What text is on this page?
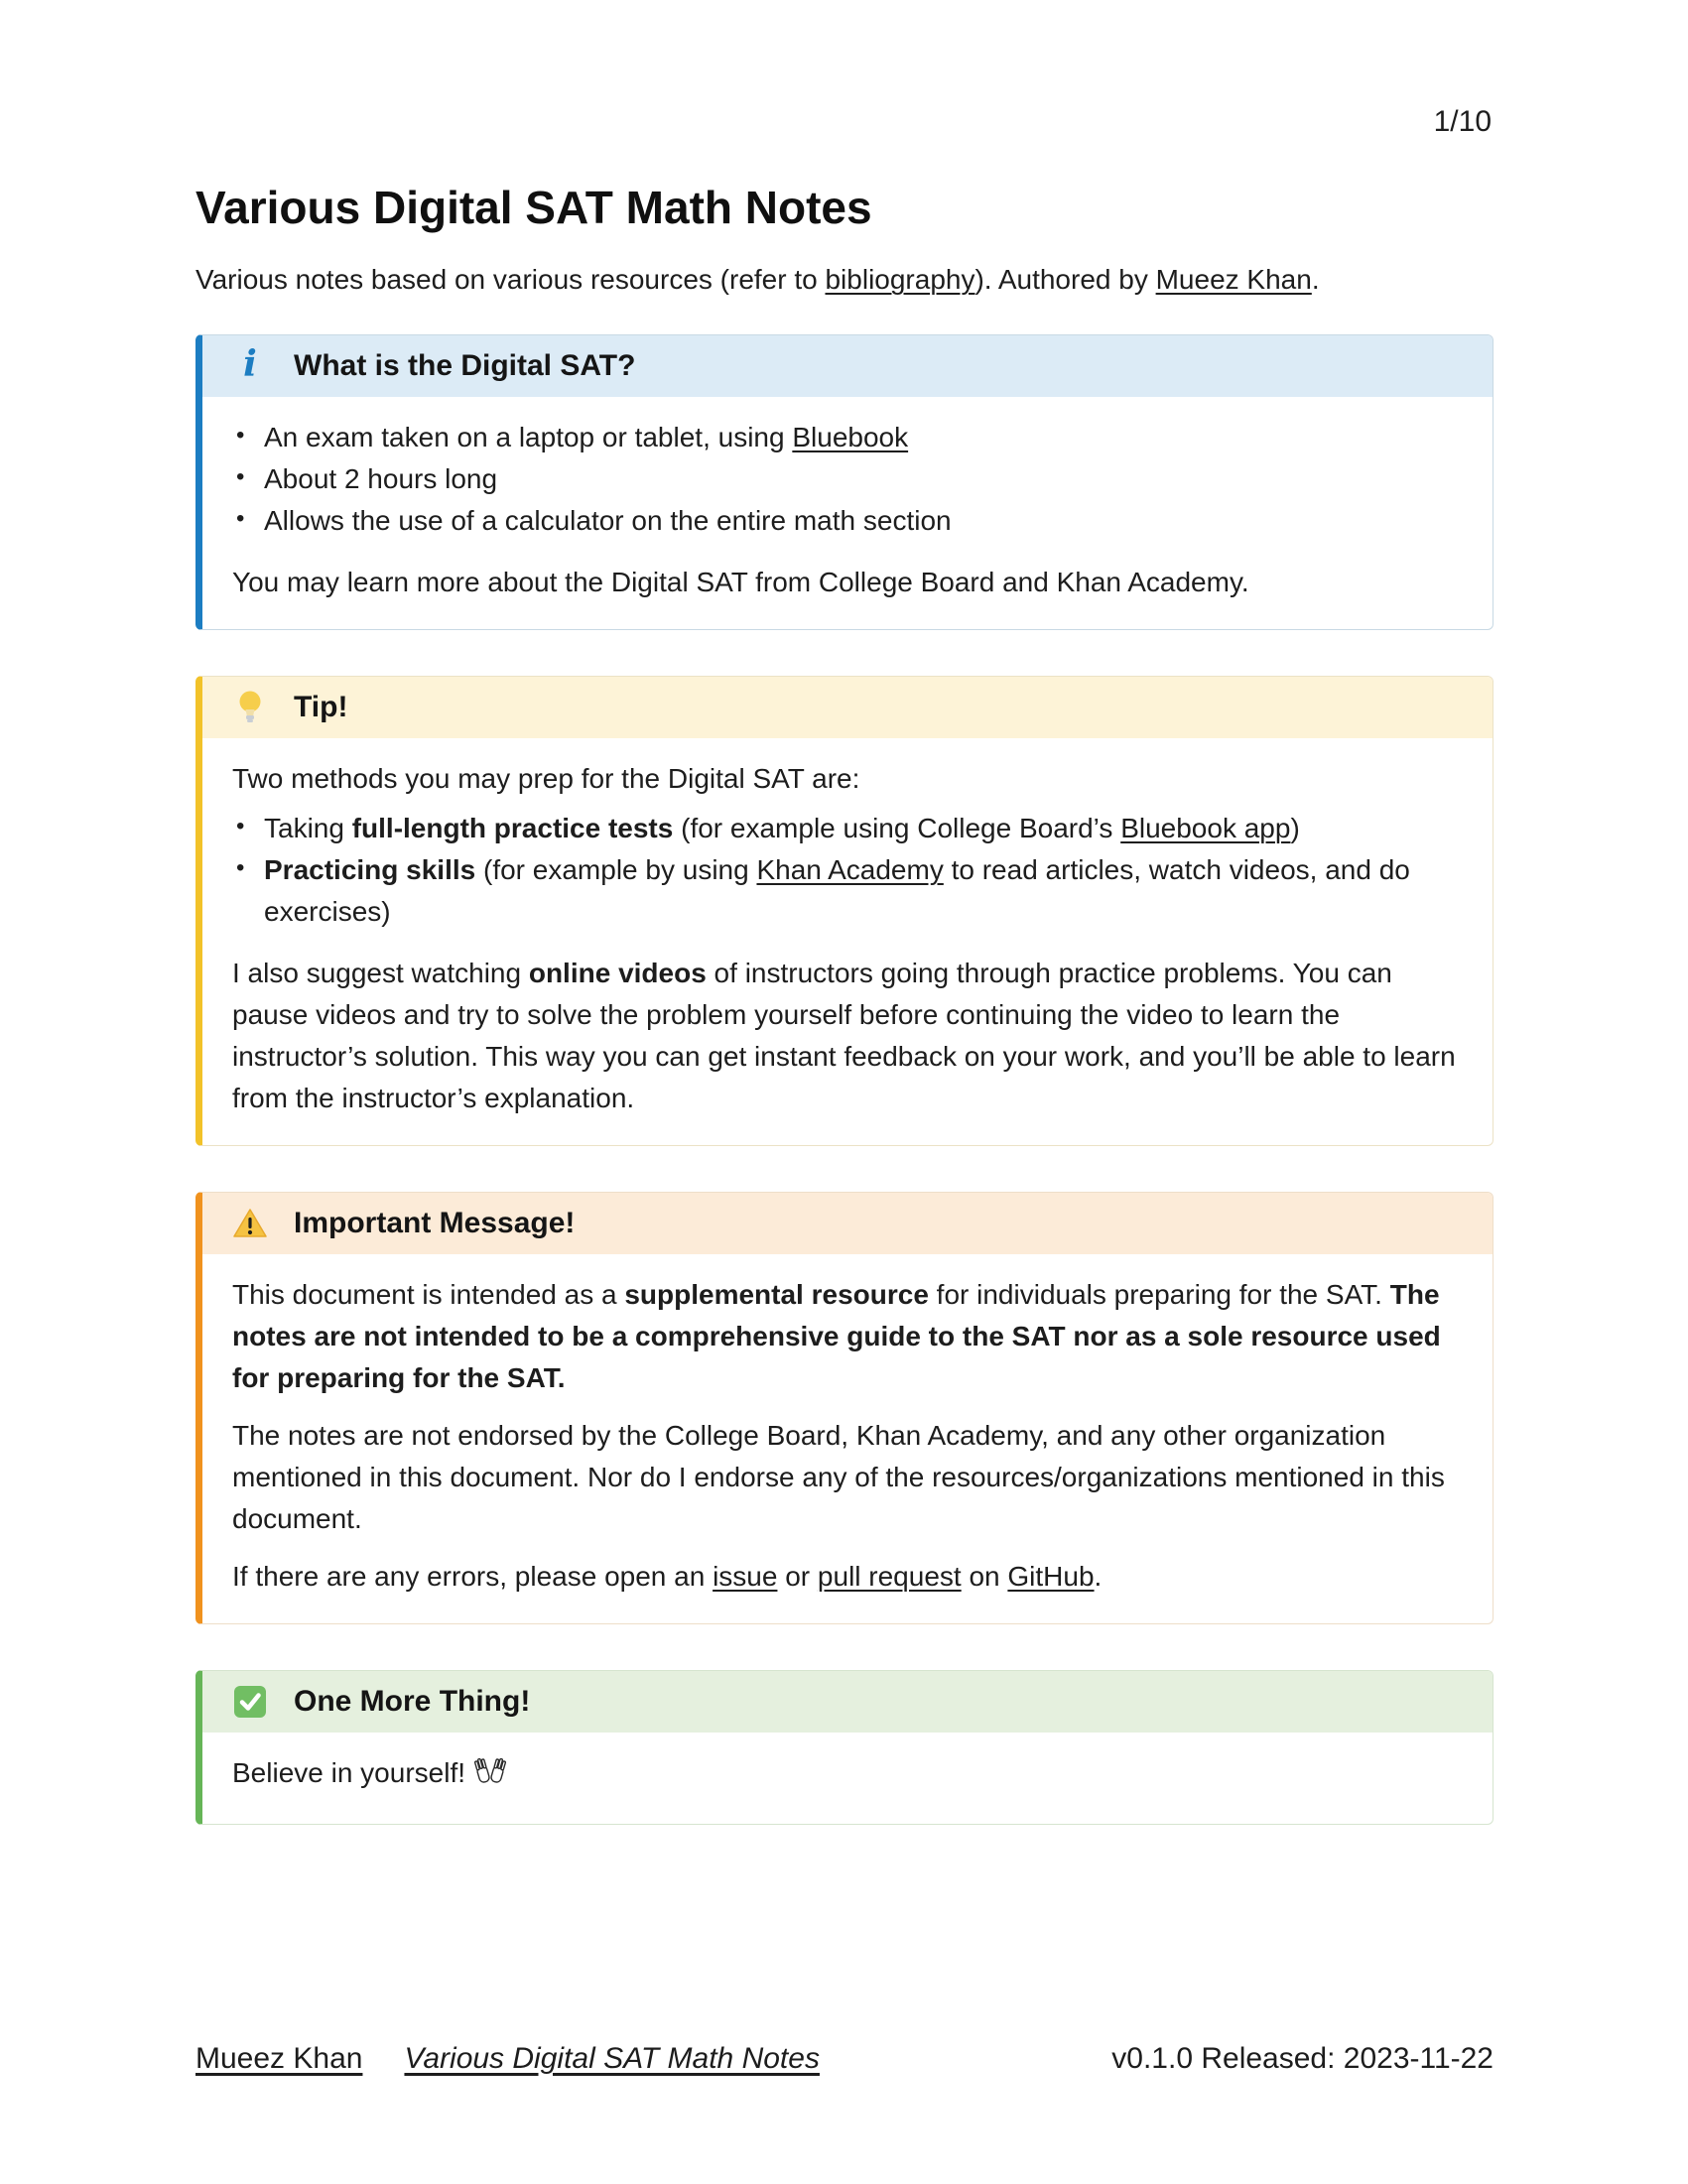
1/10
Various Digital SAT Math Notes

Various notes based on various resources (refer to bibliography). Authored by Mueez Khan.

i What is the Digital SAT?
• An exam taken on a laptop or tablet, using Bluebook
• About 2 hours long
• Allows the use of a calculator on the entire math section

You may learn more about the Digital SAT from College Board and Khan Academy.

Tip!

Two methods you may prep for the Digital SAT are:

• Taking full-length practice tests (for example using College Board’s Bluebook app)
• Practicing skills (for example by using Khan Academy to read articles, watch videos, and do exercises)

I also suggest watching online videos of instructors going through practice problems. You can pause videos and try to solve the problem yourself before continuing the video to learn the instructor’s solution. This way you can get instant feedback on your work, and you’ll be able to learn from the instructor’s explanation.

Important Message!

This document is intended as a supplemental resource for individuals preparing for the SAT. The notes are not intended to be a comprehensive guide to the SAT nor as a sole resource used for preparing for the SAT.

The notes are not endorsed by the College Board, Khan Academy, and any other organization mentioned in this document. Nor do I endorse any of the resources/organizations mentioned in this document.

If there are any errors, please open an issue or pull request on GitHub.

One More Thing!

Believe in yourself!

Mueez Khan Various Digital SAT Math Notes	v0.1.0 Released: 2023-11-22
